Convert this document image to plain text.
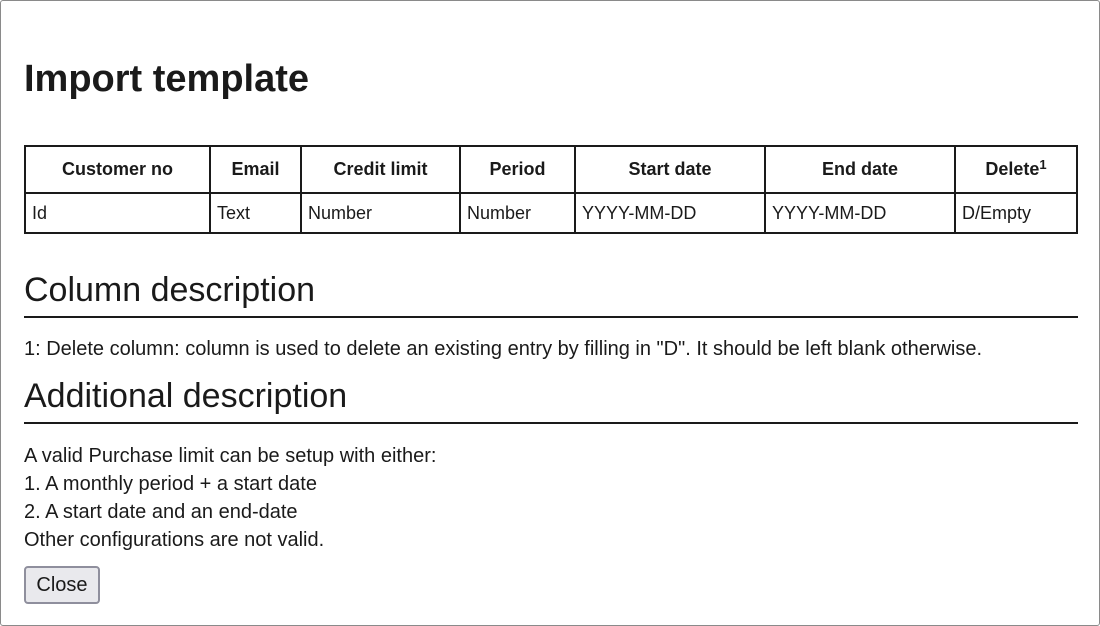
Import template
Customer no	Email	Credit limit	Period	Start date	End date	Delete$^1$
Id	Text	Number	Number	YYYY-MM-DD	YYYY-MM-DD	D/Empty
Column description

1: Delete column: column is used to delete an existing entry by filling in "D". It should be left blank otherwise.

Additional description
A valid Purchase limit can be setup with either:
1. A monthly period + a start date
2. A start date and an end-date
Other configurations are not valid.
Close
